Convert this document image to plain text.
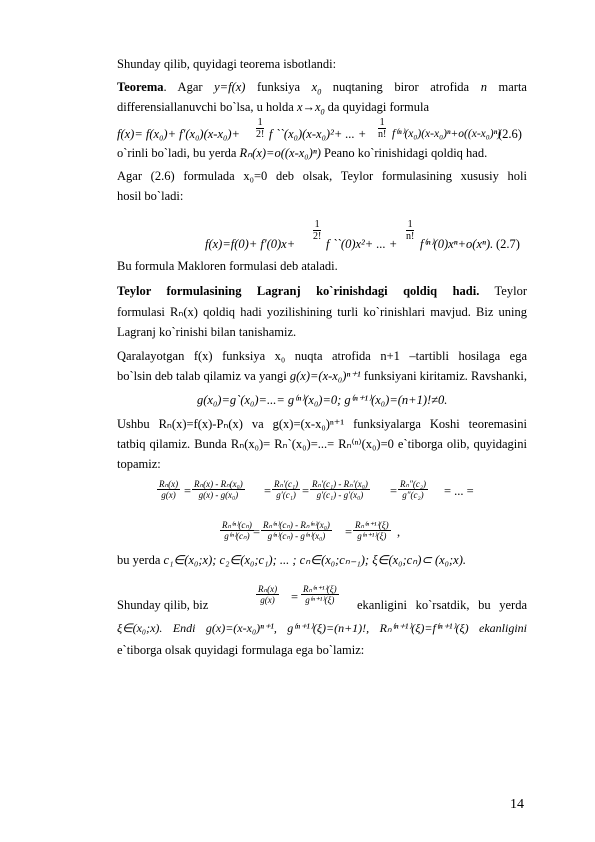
Shunday qilib, quyidagi teorema isbotlandi:
Teorema. Agar y=f(x) funksiya $x_0$ nuqtaning biror atrofida n marta
differensiallanuvchi bo`lsa, u holda $x\to x_0$ da quyidagi formula
$f(x)= f(x_0)+ f'(x_0)(x-x_0)+ \frac{1}{2!}$ f ``(x₀)(x-x₀)²+ ... + $\frac{1}{n!} f^{(n)}(x_0)(x-x_0)^n+o((x-x_0)^n)$
(2.6)
o`rinli bo`ladi, bu yerda Rₙ(x)=o((x-x₀)ⁿ) Peano ko`rinishidagi qoldiq had.
Agar (2.6) formulada x₀=0 deb olsak, Teylor formulasining xususiy holi
hosil bo`ladi:
f(x)=f(0)+ f′(0)x+
$\frac{1}{2!}$
f ``(0)x²+ ... +
$\frac{1}{n!}$
f⁽ⁿ⁾(0)xⁿ+o(xⁿ). (2.7)
Bu formula Makloren formulasi deb ataladi.
Teylor formulasining Lagranj ko`rinishdagi qoldiq hadi. Teylor
formulasi Rₙ(x) qoldiq hadi yozilishining turli ko`rinishlari mavjud. Biz uning
Lagranj ko`rinishi bilan tanishamiz.
Qaralayotgan f(x) funksiya x₀ nuqta atrofida n+1 –tartibli hosilaga ega
bo`lsin deb talab qilamiz va yangi g(x)=(x-x₀)ⁿ⁺¹ funksiyani kiritamiz. Ravshanki,
g(x₀)=g`(x₀)=...= g⁽ⁿ⁾(x₀)=0; g⁽ⁿ⁺¹⁾(x₀)=(n+1)!≠0.
Ushbu Rₙ(x)=f(x)-Pₙ(x) va g(x)=(x-x₀)ⁿ⁺¹ funksiyalarga Koshi teoremasini
tatbiq qilamiz. Bunda Rₙ(x₀)= Rₙ`(x₀)=...= Rₙ⁽ⁿ⁾(x₀)=0 e`tiborga olib, quyidagini
topamiz:
$\frac{\text{Rₙ(x)}}{g(x)} = \frac{\text{Rₙ(x) - Rₙ(x₀)}}{\text{g(x) - g(x₀)}} = \frac{\text{Rₙ′(c₁)}}{\text{g′(c₁)}} = \frac{\text{Rₙ′(c₁) - Rₙ′(x₀)}}{\text{g′(c₁) - g′(x₀)}} = \frac{\text{Rₙ″(c₂)}}{\text{g″(c₂)}}$ = ... =
$\frac{\text{Rₙ⁽ⁿ⁾(cₙ)}}{\text{g⁽ⁿ⁾(cₙ)}} = \frac{\text{Rₙ⁽ⁿ⁾(cₙ) - Rₙ⁽ⁿ⁾(x₀)}}{\text{g⁽ⁿ⁾(cₙ) - g⁽ⁿ⁾(x₀)}} = \frac{\text{Rₙ⁽ⁿ⁺¹⁾(ξ)}}{\text{g⁽ⁿ⁺¹⁾(ξ)}}$ ,
bu yerda c₁∈(x₀;x); c₂∈(x₀;c₁); ... ; cₙ∈(x₀;cₙ₋₁); ξ∈(x₀;cₙ)⊂ (x₀;x).
Shunday qilib, biz	$\frac{\text{Rₙ(x)}}{g(x)} = \frac{\text{Rₙ⁽ⁿ⁺¹⁾(ξ)}}{\text{g⁽ⁿ⁺¹⁾(ξ)}}$ ekanligini ko`rsatdik, bu yerda
ξ∈(x₀;x). Endi g(x)=(x-x₀)ⁿ⁺¹, g⁽ⁿ⁺¹⁾(ξ)=(n+1)!, Rₙ⁽ⁿ⁺¹⁾(ξ)=f⁽ⁿ⁺¹⁾(ξ) ekanligini
e`tiborga olsak quyidagi formulaga ega bo`lamiz:
14
